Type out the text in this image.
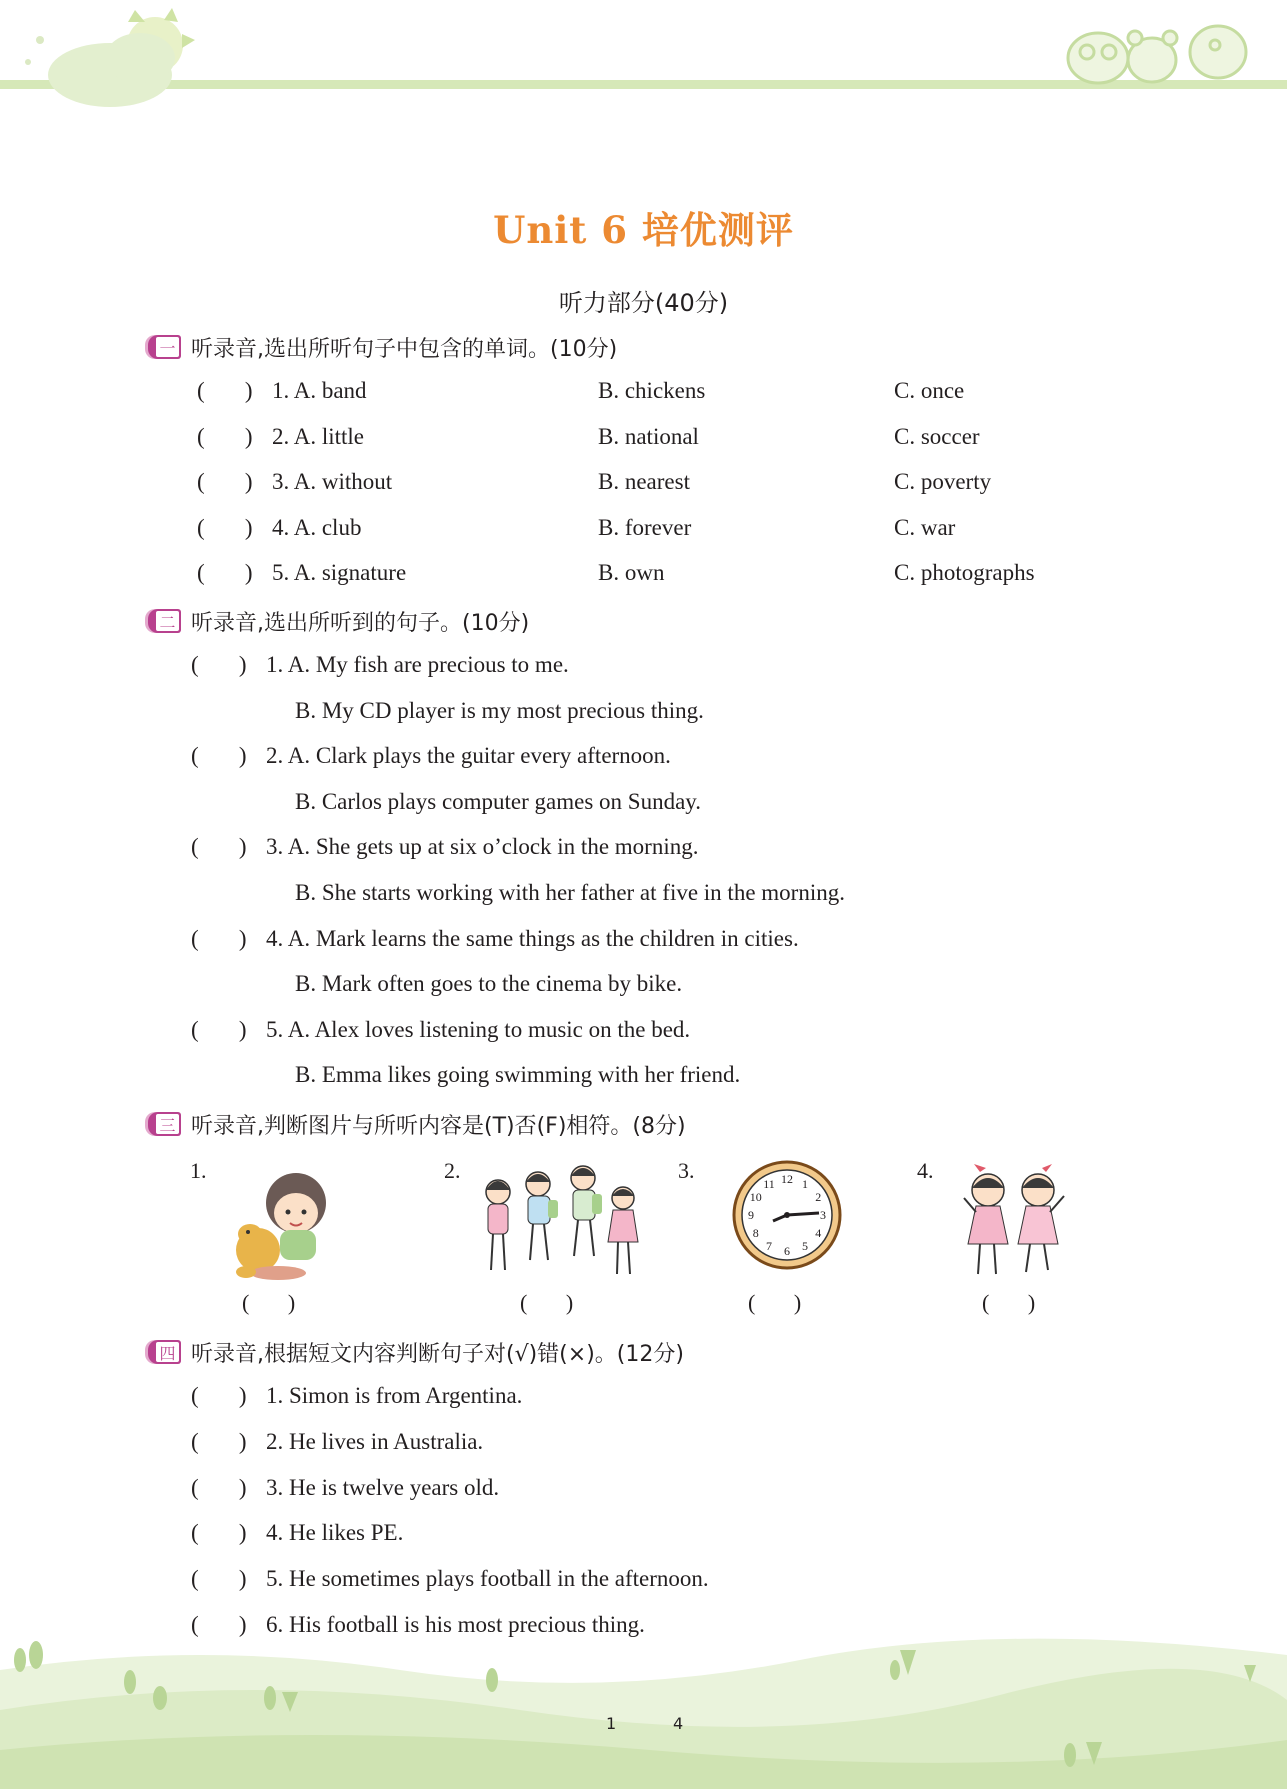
Unit 6 培优测评
听力部分(40分)
一 听录音,选出所听句子中包含的单词。(10分)
(       ) 1. A. band	B. chickens	C. once
(       ) 2. A. little	B. national	C. soccer
(       ) 3. A. without	B. nearest	C. poverty
(       ) 4. A. club	B. forever	C. war
(       ) 5. A. signature	B. own	C. photographs
二 听录音,选出所听到的句子。(10分)
(       ) 1. A. My fish are precious to me.
B. My CD player is my most precious thing.
(       ) 2. A. Clark plays the guitar every afternoon.
B. Carlos plays computer games on Sunday.
(       ) 3. A. She gets up at six o’clock in the morning.
B. She starts working with her father at five in the morning.
(       ) 4. A. Mark learns the same things as the children in cities.
B. Mark often goes to the cinema by bike.
(       ) 5. A. Alex loves listening to music on the bed.
B. Emma likes going swimming with her friend.
三 听录音,判断图片与所听内容是(T)否(F)相符。(8分)
1.	2.	3.	4.
12 1
2
3
4
5
6
7
8
9
10
11
(       )	(       )	(       )	(       )
四 听录音,根据短文内容判断句子对(√)错(×)。(12分)
(       ) 1. Simon is from Argentina.
(       ) 2. He lives in Australia.
(       ) 3. He is twelve years old.
(       ) 4. He likes PE.
(       ) 5. He sometimes plays football in the afternoon.
(       ) 6. His football is his most precious thing.
1	4
